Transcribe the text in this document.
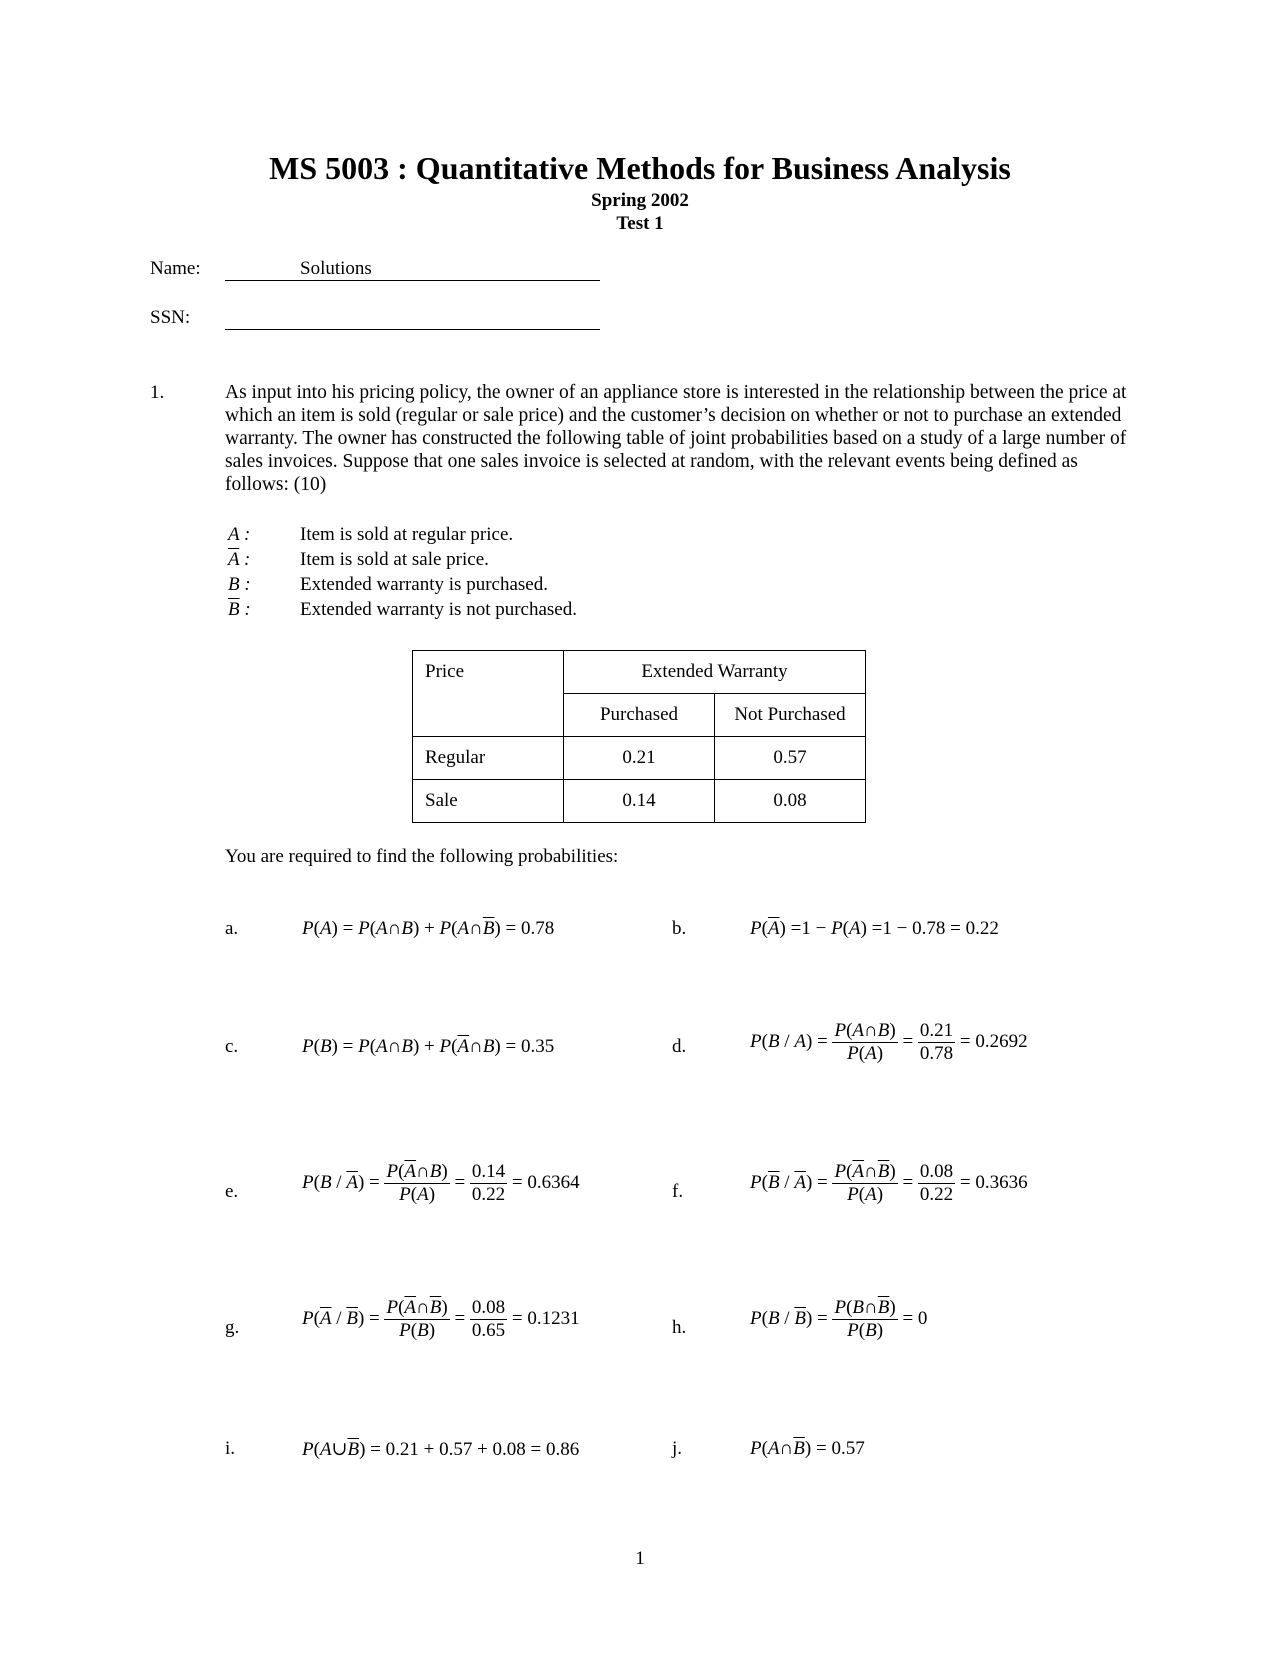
MS 5003 : Quantitative Methods for Business Analysis
Spring 2002
Test 1
Name:	Solutions
SSN:
1.	As input into his pricing policy, the owner of an appliance store is interested in the relationship between the price at which an item is sold (regular or sale price) and the customer’s decision on whether or not to purchase an extended warranty. The owner has constructed the following table of joint probabilities based on a study of a large number of sales invoices. Suppose that one sales invoice is selected at random, with the relevant events being defined as follows: (10)
A :	Item is sold at regular price.
$\overline{A}$ :	Item is sold at sale price.
B :	Extended warranty is purchased.
$\overline{B}$ :	Extended warranty is not purchased.
Price	Extended Warranty	
	Purchased	Not Purchased
Regular	0.21	0.57
Sale	0.14	0.08
You are required to find the following probabilities:
a.	P(A) = P(A∩B) + $P(A\cap\overline{B}) = 0.78$	b.	$P(\overline{A}) =1 - P(A) =1 - 0.78 = 0.22$
c.	P(B) = P(A∩B) + $P(\overline{A}\cap B) = 0.35$	d.	$P(B / A) = \frac{P(A\cap B)}{P(A)} = \frac{0.21}{0.78} = 0.2692$
e.	$P(B / \overline{A}) = \frac{P(\overline{A}\cap B)}{P(\overline{A})} = \frac{0.14}{0.22} = 0.6364$	f.	$P(\overline{B} / \overline{A}) = \frac{P(\overline{A}\cap\overline{B})}{P(\overline{A})} = \frac{0.08}{0.22} = 0.3636$
g.	$P(\overline{A} / \overline{B}) = \frac{P(\overline{A}\cap\overline{B})}{P(\overline{B})} = \frac{0.08}{0.65} = 0.1231$	h.	$P(B / \overline{B}) = \frac{P(B\cap\overline{B})}{P(\overline{B})} = 0$
i.	$P(A\cup\overline{B}) = 0.21 + 0.57 + 0.08 = 0.86$	j.	$P(A\cap\overline{B}) = 0.57$
1
